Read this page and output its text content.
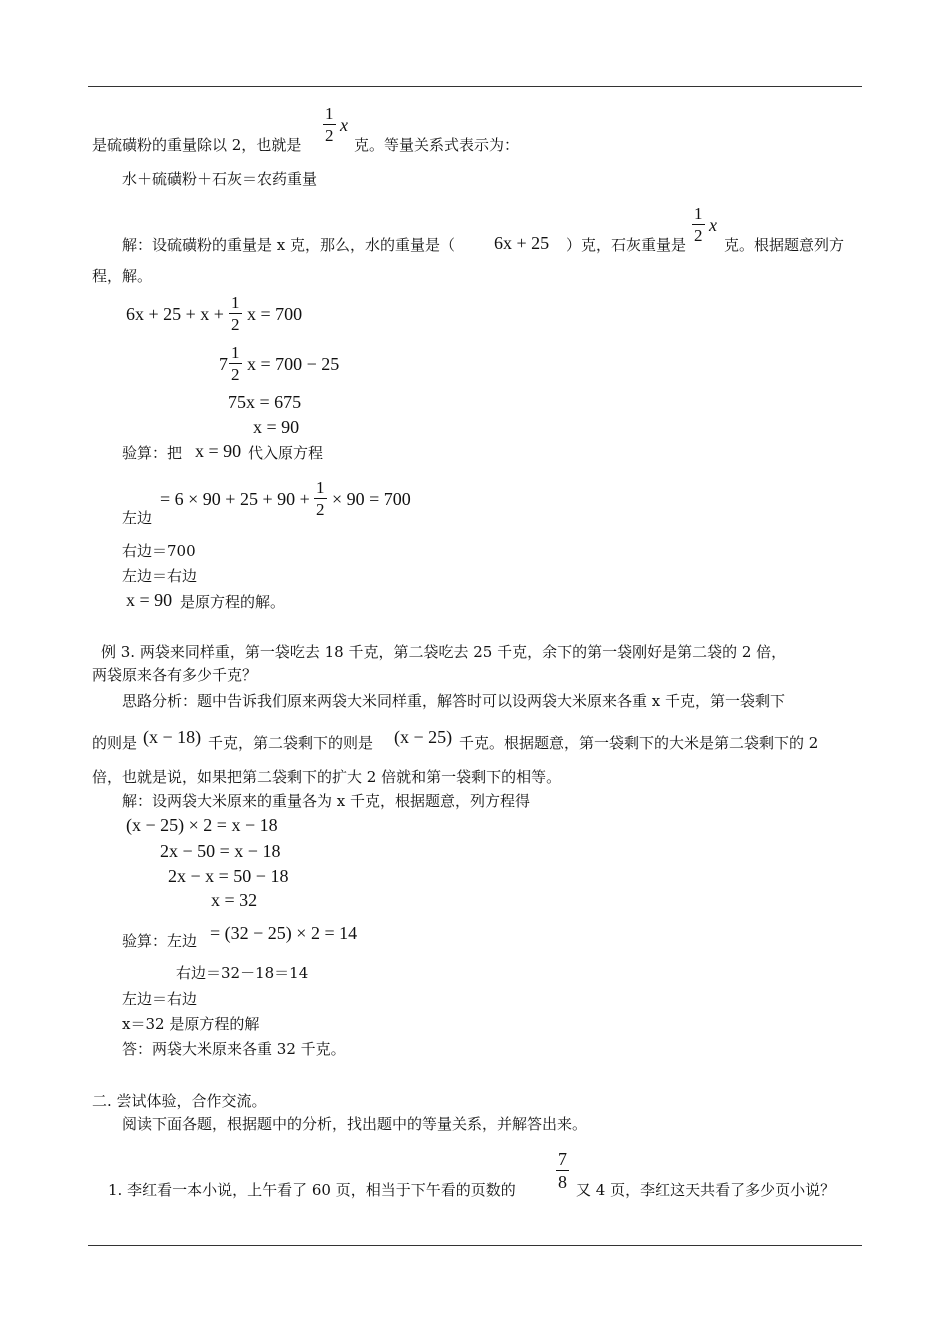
是硫磺粉的重量除以 2，也就是
$\frac{1}{2}$ x
克。等量关系式表示为：
水＋硫磺粉＋石灰＝农药重量
解：设硫磺粉的重量是 x 克，那么，水的重量是（ 6x + 25 ）克，石灰重量是
$\frac{1}{2}$ x
克。根据题意列方
程，解。
$6x + 25 + x + \frac{1}{2}$ x = 700
$7 \frac{1}{2}$ x = 700 − 25
75x = 675
x = 90
验算：把 x = 90 代入原方程
= $6 \times 90 + 25 + 90 + \frac{1}{2} \times 90 = 700$
左边
右边＝700
左边＝右边
x = 90 是原方程的解。
例 3. 两袋来同样重，第一袋吃去 18 千克，第二袋吃去 25 千克，余下的第一袋刚好是第二袋的 2 倍，
两袋原来各有多少千克？
思路分析：题中告诉我们原来两袋大米同样重，解答时可以设两袋大米原来各重 x 千克，第一袋剩下
的则是 (x − 18) 千克，第二袋剩下的则是 (x − 25) 千克。根据题意，第一袋剩下的大米是第二袋剩下的 2
倍，也就是说，如果把第二袋剩下的扩大 2 倍就和第一袋剩下的相等。
解：设两袋大米原来的重量各为 x 千克，根据题意，列方程得
(x − 25) × 2 = x − 18
2x − 50 = x − 18
2x − x = 50 − 18
x = 32
验算：左边 = (32 − 25) × 2 = 14
右边＝32－18＝14
左边＝右边
x＝32 是原方程的解
答：两袋大米原来各重 32 千克。
二. 尝试体验，合作交流。
阅读下面各题，根据题中的分析，找出题中的等量关系，并解答出来。
1. 李红看一本小说，上午看了 60 页，相当于下午看的页数的 $\frac{7}{8}$ 又 4 页，李红这天共看了多少页小说？
